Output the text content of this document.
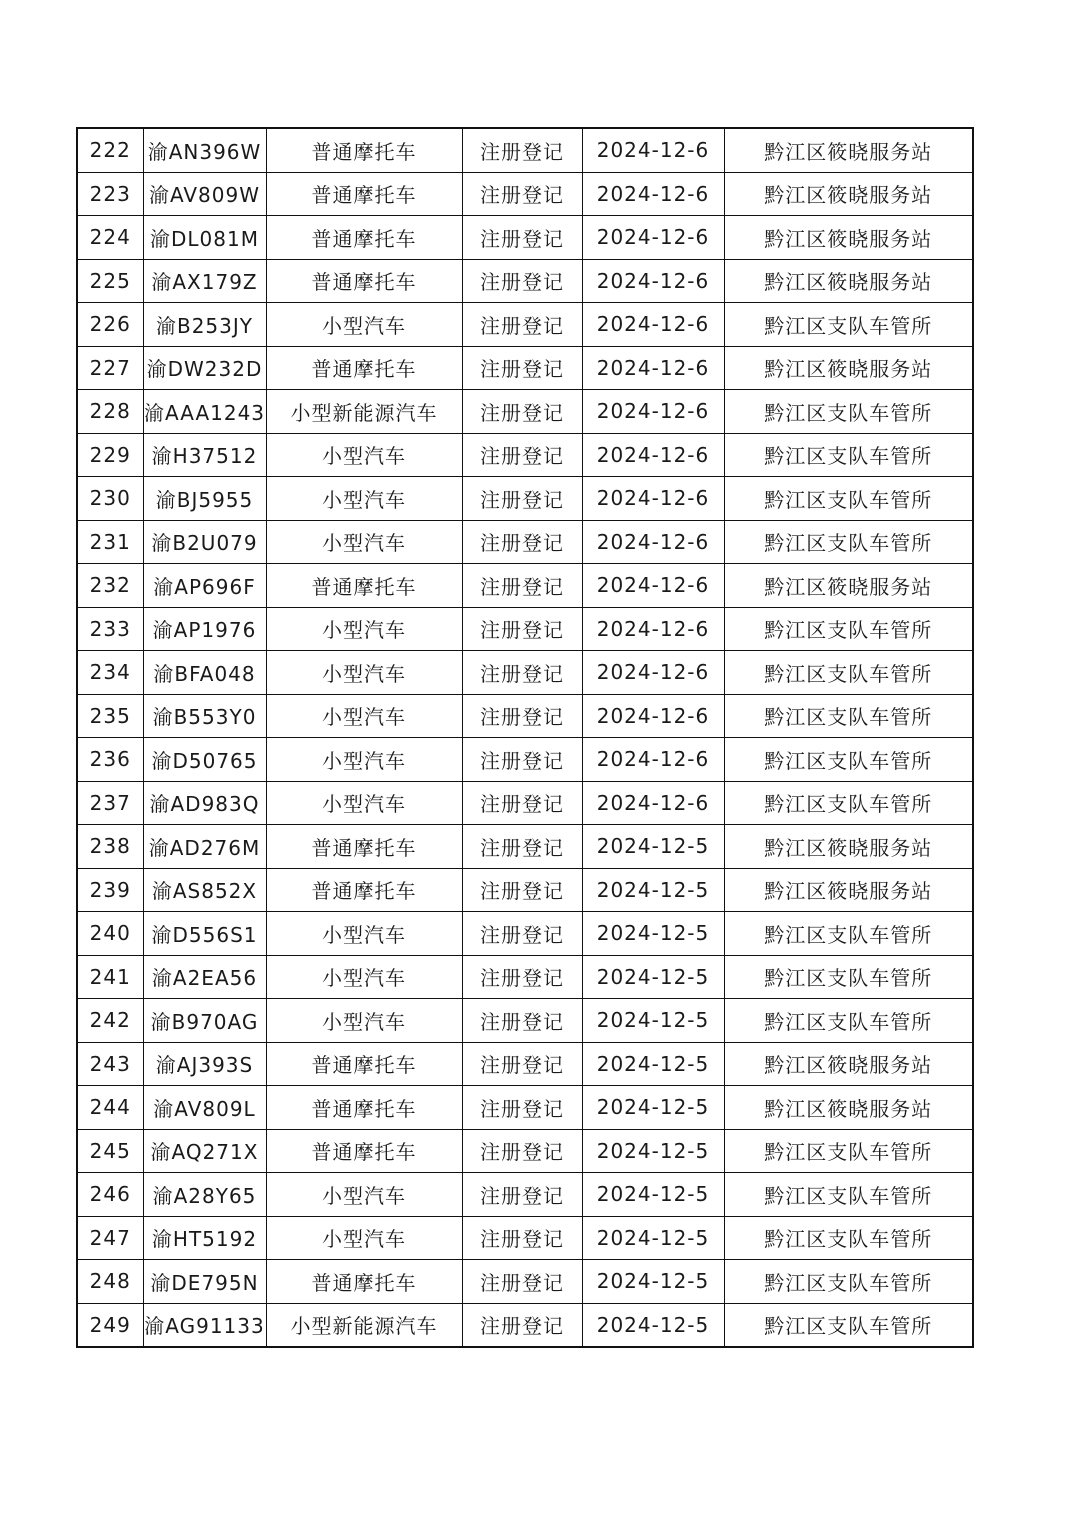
222	渝AN396W	普通摩托车	注册登记	2024-12-6	黔江区筱晓服务站
223	渝AV809W	普通摩托车	注册登记	2024-12-6	黔江区筱晓服务站
224	渝DL081M	普通摩托车	注册登记	2024-12-6	黔江区筱晓服务站
225	渝AX179Z	普通摩托车	注册登记	2024-12-6	黔江区筱晓服务站
226	渝B253JY	小型汽车	注册登记	2024-12-6	黔江区支队车管所
227	渝DW232D	普通摩托车	注册登记	2024-12-6	黔江区筱晓服务站
228	渝AAA1243	小型新能源汽车	注册登记	2024-12-6	黔江区支队车管所
229	渝H37512	小型汽车	注册登记	2024-12-6	黔江区支队车管所
230	渝BJ5955	小型汽车	注册登记	2024-12-6	黔江区支队车管所
231	渝B2U079	小型汽车	注册登记	2024-12-6	黔江区支队车管所
232	渝AP696F	普通摩托车	注册登记	2024-12-6	黔江区筱晓服务站
233	渝AP1976	小型汽车	注册登记	2024-12-6	黔江区支队车管所
234	渝BFA048	小型汽车	注册登记	2024-12-6	黔江区支队车管所
235	渝B553Y0	小型汽车	注册登记	2024-12-6	黔江区支队车管所
236	渝D50765	小型汽车	注册登记	2024-12-6	黔江区支队车管所
237	渝AD983Q	小型汽车	注册登记	2024-12-6	黔江区支队车管所
238	渝AD276M	普通摩托车	注册登记	2024-12-5	黔江区筱晓服务站
239	渝AS852X	普通摩托车	注册登记	2024-12-5	黔江区筱晓服务站
240	渝D556S1	小型汽车	注册登记	2024-12-5	黔江区支队车管所
241	渝A2EA56	小型汽车	注册登记	2024-12-5	黔江区支队车管所
242	渝B970AG	小型汽车	注册登记	2024-12-5	黔江区支队车管所
243	渝AJ393S	普通摩托车	注册登记	2024-12-5	黔江区筱晓服务站
244	渝AV809L	普通摩托车	注册登记	2024-12-5	黔江区筱晓服务站
245	渝AQ271X	普通摩托车	注册登记	2024-12-5	黔江区支队车管所
246	渝A28Y65	小型汽车	注册登记	2024-12-5	黔江区支队车管所
247	渝HT5192	小型汽车	注册登记	2024-12-5	黔江区支队车管所
248	渝DE795N	普通摩托车	注册登记	2024-12-5	黔江区支队车管所
249	渝AG91133	小型新能源汽车	注册登记	2024-12-5	黔江区支队车管所
